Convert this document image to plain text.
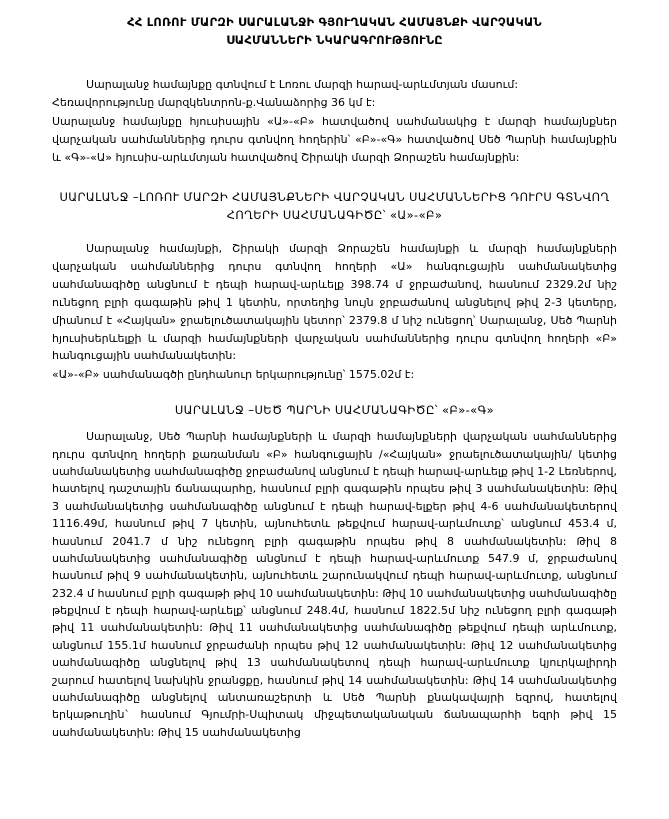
ՀՀ ԼՈՌՈՒ ՄԱՐԶԻ ՍԱՐԱԼԱՆՋԻ ԳՅՈՒՂԱԿԱՆ ՀԱՄԱՅՆՔԻ ՎԱՐՉԱԿԱՆ
ՍԱՀՄԱՆՆԵՐԻ ՆԿԱՐԱԳՐՈՒԹՅՈՒՆԸ

Սարալանջ համայնքը գտնվում է Լոռու մարզի հարավ-արևմտյան մասում:

Հեռավորությունը մարզկենտրոն-ք.Վանաձորից 36 կմ է:

Սարալանջ համայնքը հյուսիսային «Ա»-«Բ» հատվածով սահմանակից է մարզի համայնքներ վարչական սահմաններից դուրս գտնվող հողերին՝ «Բ»-«Գ» հատվածով Սեծ Պարնի համայնքին և «Գ»-«Ա» հյուսիս-արևմտյան հատվածով Շիրակի մարզի Ձորաշեն համայնքին:

ՍԱՐԱԼԱՆՋ –ԼՈՌՈՒ ՄԱՐԶԻ ՀԱՄԱՅՆՔՆԵՐԻ ՎԱՐՉԱԿԱՆ ՍԱՀՄԱՆՆԵՐԻՑ ԴՈՒՐՍ ԳՏՆՎՈՂ
ՀՈՂԵՐԻ ՍԱՀՄԱՆԱԳԻԾԸ՝ «Ա»-«Բ»

Սարալանջ համայնքի, Շիրակի մարզի Ձորաշեն համայնքի և մարզի համայնքների վարչական սահմաններից դուրս գտնվող հողերի «Ա» հանգուցային սահմանակետից սահմանագիծը անցնում է դեպի հարավ-արևելք 398.74 մ ջրբաժանով, հասնում 2329.2մ նիշ ունեցող բլրի գագաթին թիվ 1 կետին, որտեղից նույն ջրբաժանով անցնելով թիվ 2-3 կետերը, միանում է «Հայկան» ջրաելուծատակային կետոր՝ 2379.8 մ նիշ ունեցող՝ Սարալանջ, Սեծ Պարնի հյուսիսերևելքի և մարզի համայնքների վարչական սահմաններից դուրս գտնվող հողերի «Բ» հանգուցային սահմանակետին:

«Ա»-«Բ» սահմանագծի ընդհանուր երկարությունը՝ 1575.02մ է:

ՍԱՐԱԼԱՆՋ –ՍԵԾ ՊԱՐՆԻ ՍԱՀՄԱՆԱԳԻԾԸ՝ «Բ»-«Գ»

Սարալանջ, Սեծ Պարնի համայնքների և մարզի համայնքների վարչական սահմաններից դուրս գտնվող հողերի քառանման «Բ» հանգուցային /«Հայկան» ջրաելուծատակային/ կետից սահմանակետից սահմանագիծը ջրբաժանով անցնում է դեպի հարավ-արևելք թիվ 1-2 Լեռներով, հատելով դաշտային ճանապարհը, հասնում բլրի գագաթին որպես թիվ 3 սահմանակետին: Թիվ 3 սահմանակետից սահմանագիծը անցնում է դեպի հարավ-ելքեր թիվ 4-6 սահմանակետերով 1116.49մ, հասնում թիվ 7 կետին, այնուհետև թեքվում հարավ-արևմուտք՝ անցնում 453.4 մ, հասնում 2041.7 մ նիշ ունեցող բլրի գագաթին որպես թիվ 8 սահմանակետին: Թիվ 8 սահմանակետից սահմանագիծը անցնում է դեպի հարավ-արևմուտք 547.9 մ, ջրբաժանով հասնում թիվ 9 սահմանակետին, այնուհետև շարունակվում դեպի հարավ-արևմուտք, անցնում 232.4 մ հասնում բլրի գագաթի թիվ 10 սահմանակետին: Թիվ 10 սահմանակետից սահմանագիծը թեքվում է դեպի հարավ-արևելք՝ անցնում 248.4մ, հասնում 1822.5մ նիշ ունեցող բլրի գագաթի թիվ 11 սահմանակետին: Թիվ 11 սահմանակետից սահմանագիծը թեքվում դեպի արևմուտք, անցնում 155.1մ հասնում ջրբաժանի որպես թիվ 12 սահմանակետին: Թիվ 12 սահմանակետից սահմանագիծը անցնելով թիվ 13 սահմանակետով դեպի հարավ-արևմուտք կյուրկալիրդի շարում հատելով նախկին ջրանցքը, հասնում թիվ 14 սահմանակետին: Թիվ 14 սահմանակետից սահմանագիծը անցնելով անտառաշերտի և Սեծ Պարնի քնակավայրի եզրով, հատելով երկաթուղին` հասնում Գյումրի-Սպիտակ միջպետականական ճանապարհի եզրի թիվ 15 սահմանակետին: Թիվ 15 սահմանակետից
